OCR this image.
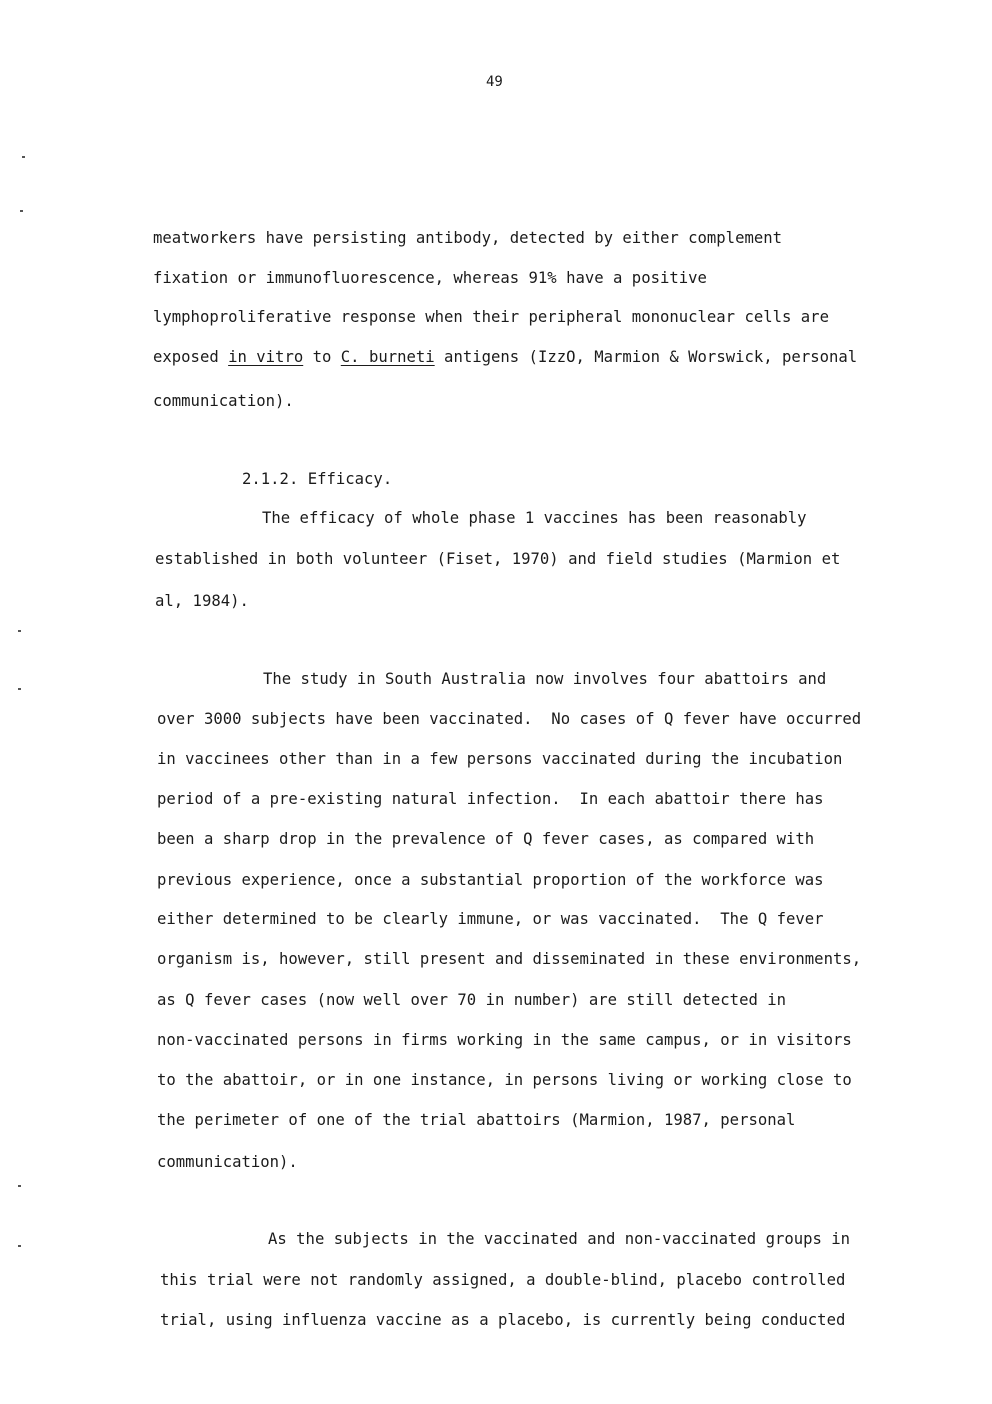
49
meatworkers have persisting antibody, detected by either complement
fixation or immunofluorescence, whereas 91% have a positive
lymphoproliferative response when their peripheral mononuclear cells are
exposed in vitro to C. burneti antigens (IzzO, Marmion & Worswick, personal
communication).
2.1.2. Efficacy.
The efficacy of whole phase 1 vaccines has been reasonably
established in both volunteer (Fiset, 1970) and field studies (Marmion et
al, 1984).
The study in South Australia now involves four abattoirs and
over 3000 subjects have been vaccinated.  No cases of Q fever have occurred
in vaccinees other than in a few persons vaccinated during the incubation
period of a pre-existing natural infection.  In each abattoir there has
been a sharp drop in the prevalence of Q fever cases, as compared with
previous experience, once a substantial proportion of the workforce was
either determined to be clearly immune, or was vaccinated.  The Q fever
organism is, however, still present and disseminated in these environments,
as Q fever cases (now well over 70 in number) are still detected in
non-vaccinated persons in firms working in the same campus, or in visitors
to the abattoir, or in one instance, in persons living or working close to
the perimeter of one of the trial abattoirs (Marmion, 1987, personal
communication).
As the subjects in the vaccinated and non-vaccinated groups in
this trial were not randomly assigned, a double-blind, placebo controlled
trial, using influenza vaccine as a placebo, is currently being conducted
